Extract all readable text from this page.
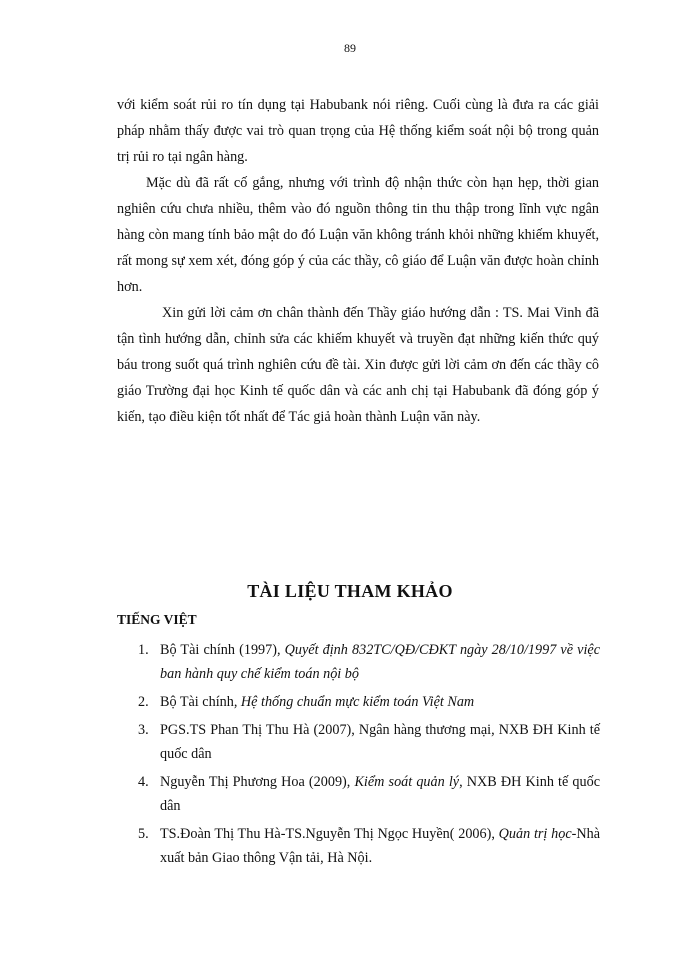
89

với kiểm soát rủi ro tín dụng tại Habubank nói riêng. Cuối cùng là đưa ra các giải pháp nhằm thấy được vai trò quan trọng của Hệ thống kiểm soát nội bộ trong quản trị rủi ro tại ngân hàng.

Mặc dù đã rất cố gắng, nhưng với trình độ nhận thức còn hạn hẹp, thời gian nghiên cứu chưa nhiều, thêm vào đó nguồn thông tin thu thập trong lĩnh vực ngân hàng còn mang tính bảo mật do đó Luận văn không tránh khỏi những khiếm khuyết, rất mong sự xem xét, đóng góp ý của các thầy, cô giáo để Luận văn được hoàn chỉnh hơn.

Xin gửi lời cảm ơn chân thành đến Thầy giáo hướng dẫn : TS. Mai Vinh đã tận tình hướng dẫn, chỉnh sửa các khiếm khuyết và truyền đạt những kiến thức quý báu trong suốt quá trình nghiên cứu đề tài. Xin được gửi lời cảm ơn đến các thầy cô giáo Trường đại học Kinh tế quốc dân và các anh chị tại Habubank đã đóng góp ý kiến, tạo điều kiện tốt nhất để Tác giả hoàn thành Luận văn này.

TÀI LIỆU THAM KHẢO
TIẾNG VIỆT
1. Bộ Tài chính (1997), Quyết định 832TC/QĐ/CĐKT ngày 28/10/1997 về việc ban hành quy chế kiểm toán nội bộ
2. Bộ Tài chính, Hệ thống chuẩn mực kiểm toán Việt Nam
3. PGS.TS Phan Thị Thu Hà (2007), Ngân hàng thương mại, NXB ĐH Kinh tế quốc dân
4. Nguyễn Thị Phương Hoa (2009), Kiểm soát quản lý, NXB ĐH Kinh tế quốc dân
5. TS.Đoàn Thị Thu Hà-TS.Nguyễn Thị Ngọc Huyền( 2006), Quản trị học-Nhà xuất bản Giao thông Vận tải, Hà Nội.
